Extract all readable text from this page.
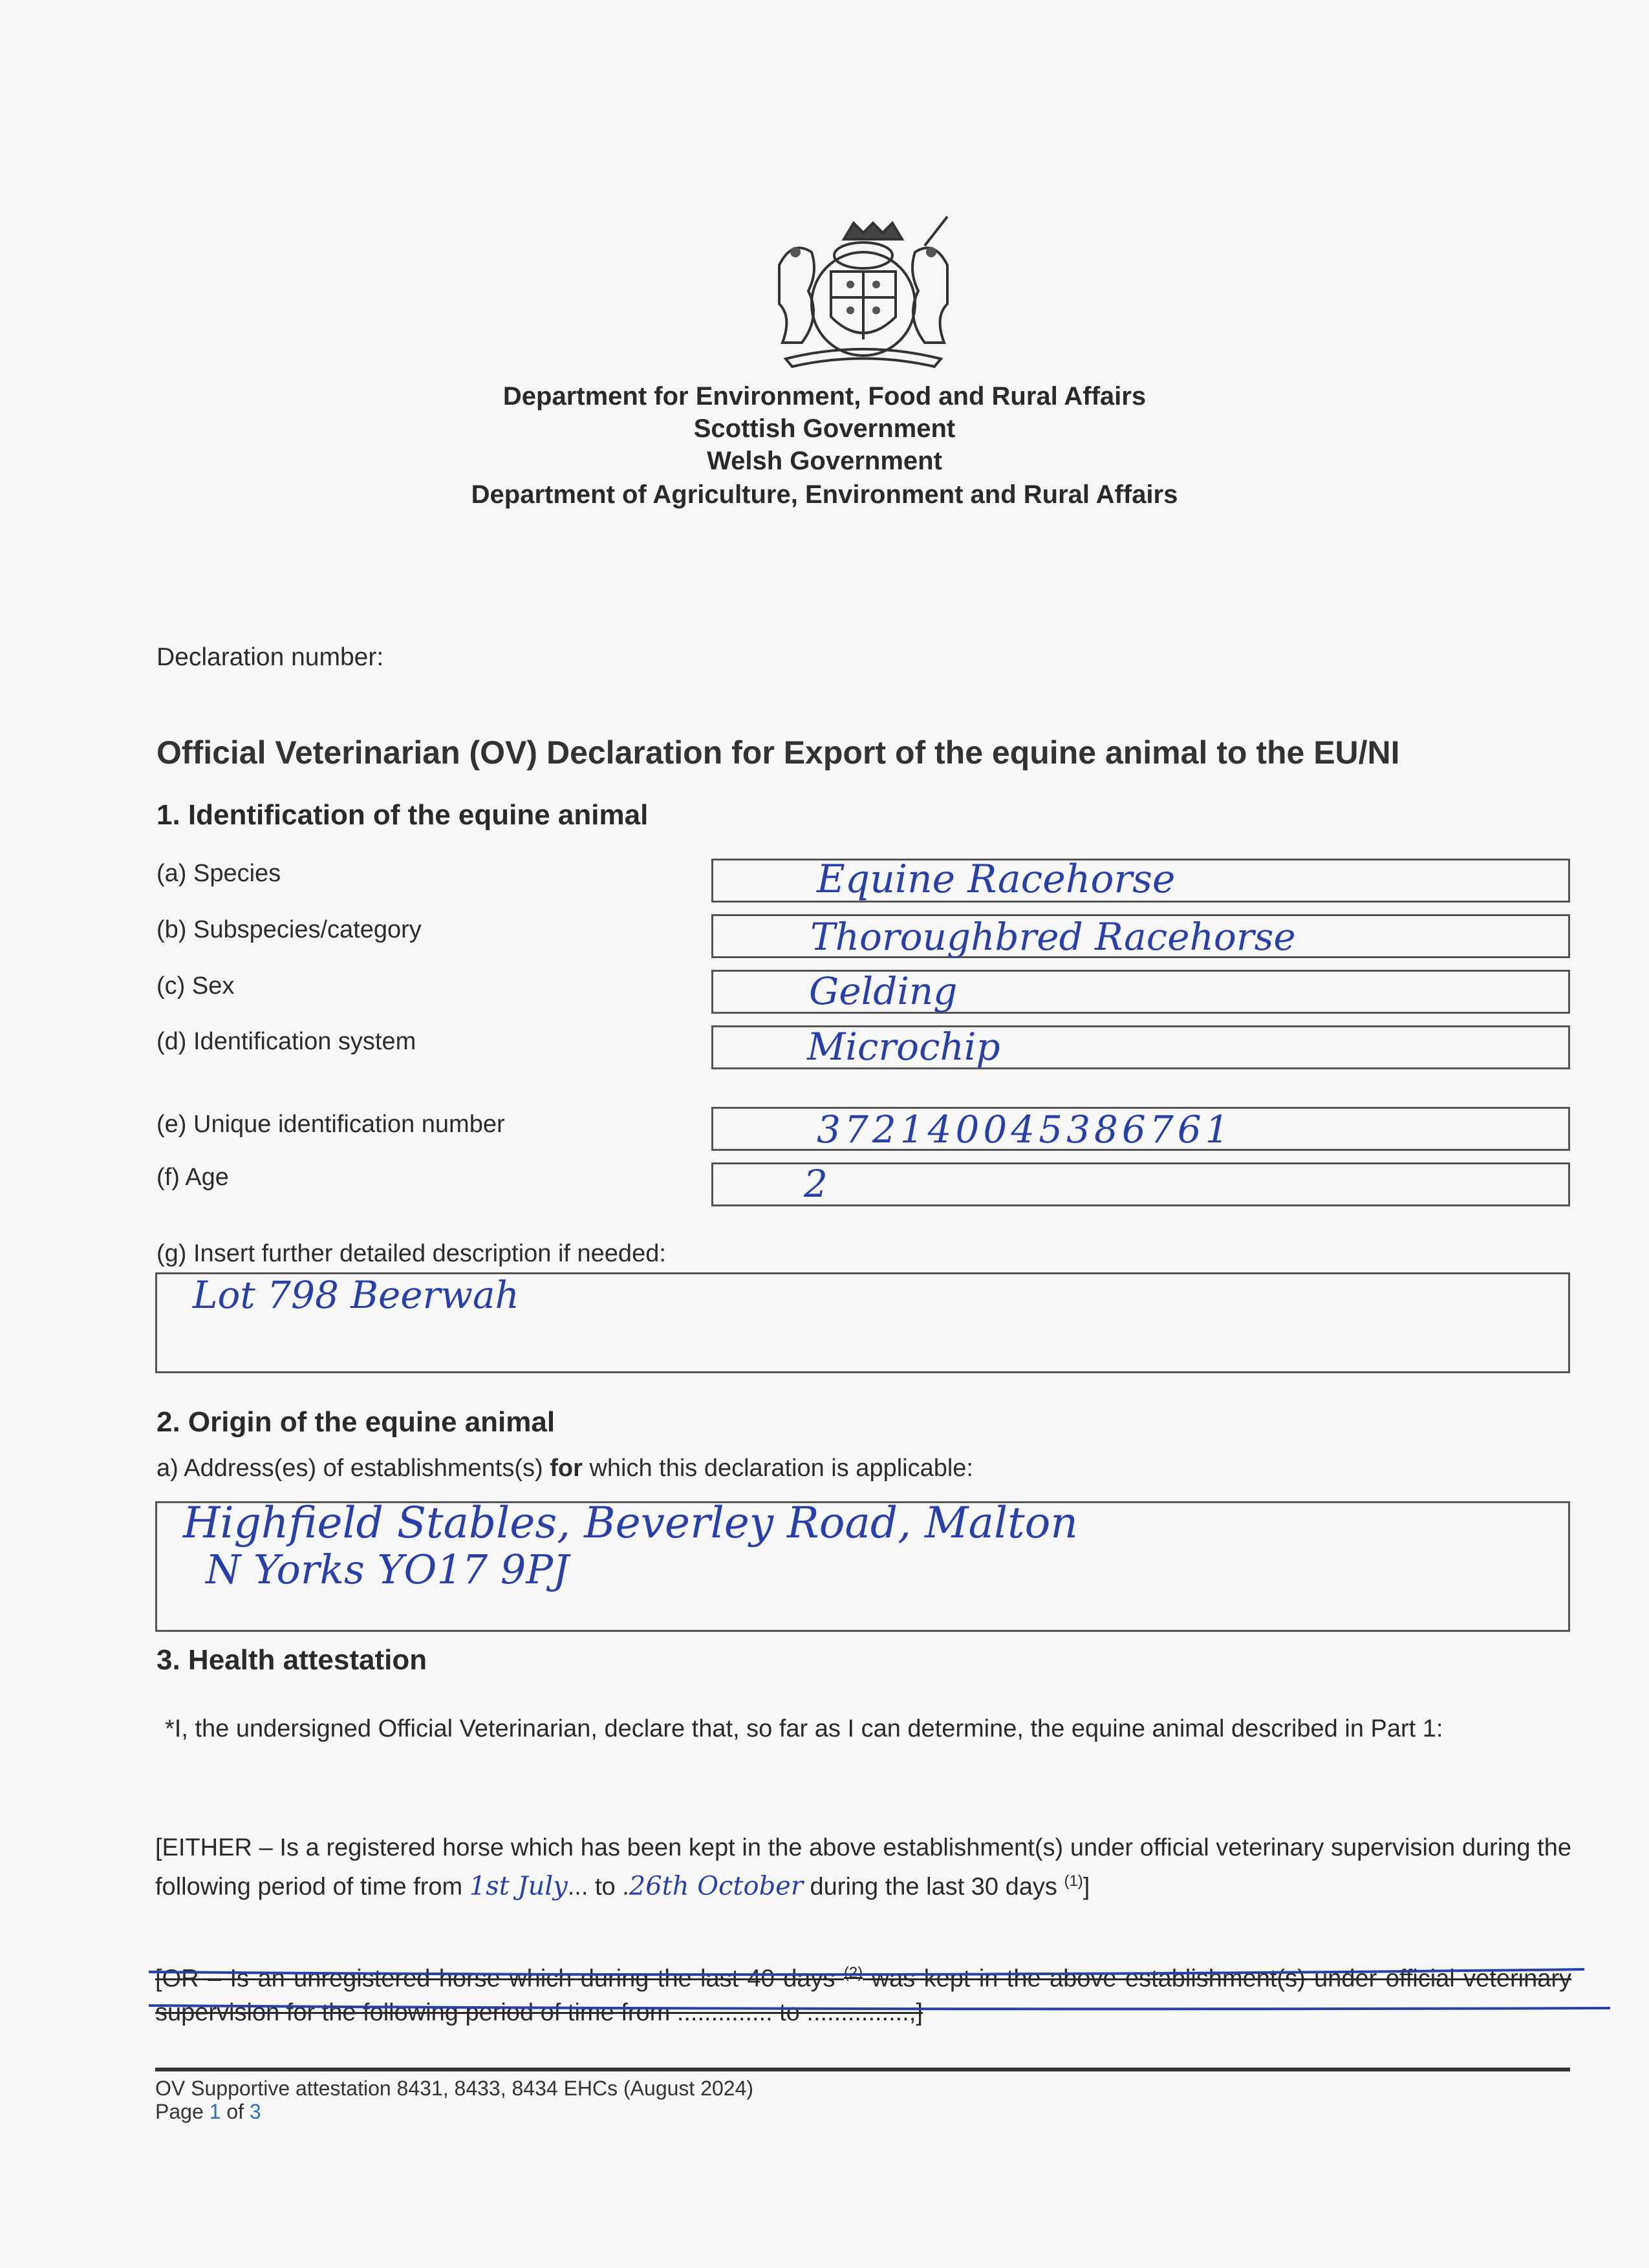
Department for Environment, Food and Rural Affairs
Scottish Government
Welsh Government
Department of Agriculture, Environment and Rural Affairs
Declaration number:
Official Veterinarian (OV) Declaration for Export of the equine animal to the EU/NI
1. Identification of the equine animal
(a) Species	Equine Racehorse
(b) Subspecies/category	Thoroughbred Racehorse
(c) Sex	Gelding
(d) Identification system	Microchip
(e) Unique identification number	372140045386761
(f) Age	2
(g) Insert further detailed description if needed:
Lot 798 Beerwah
2. Origin of the equine animal
a) Address(es) of establishments(s) for which this declaration is applicable:
Highfield Stables, Beverley Road, Malton
N Yorks YO17 9PJ
3. Health attestation
*I, the undersigned Official Veterinarian, declare that, so far as I can determine, the equine animal described in Part 1:
[EITHER – Is a registered horse which has been kept in the above establishment(s) under official veterinary supervision during the following period of time from 1st July... to .26th October during the last 30 days $^{(1)}$]
[OR – Is an unregistered horse which during the last 40 days $^{(2)}$ was kept in the above establishment(s) under official veterinary supervision for the following period of time from .............. to ...............;]
OV Supportive attestation 8431, 8433, 8434 EHCs (August 2024)
Page 1 of 3
